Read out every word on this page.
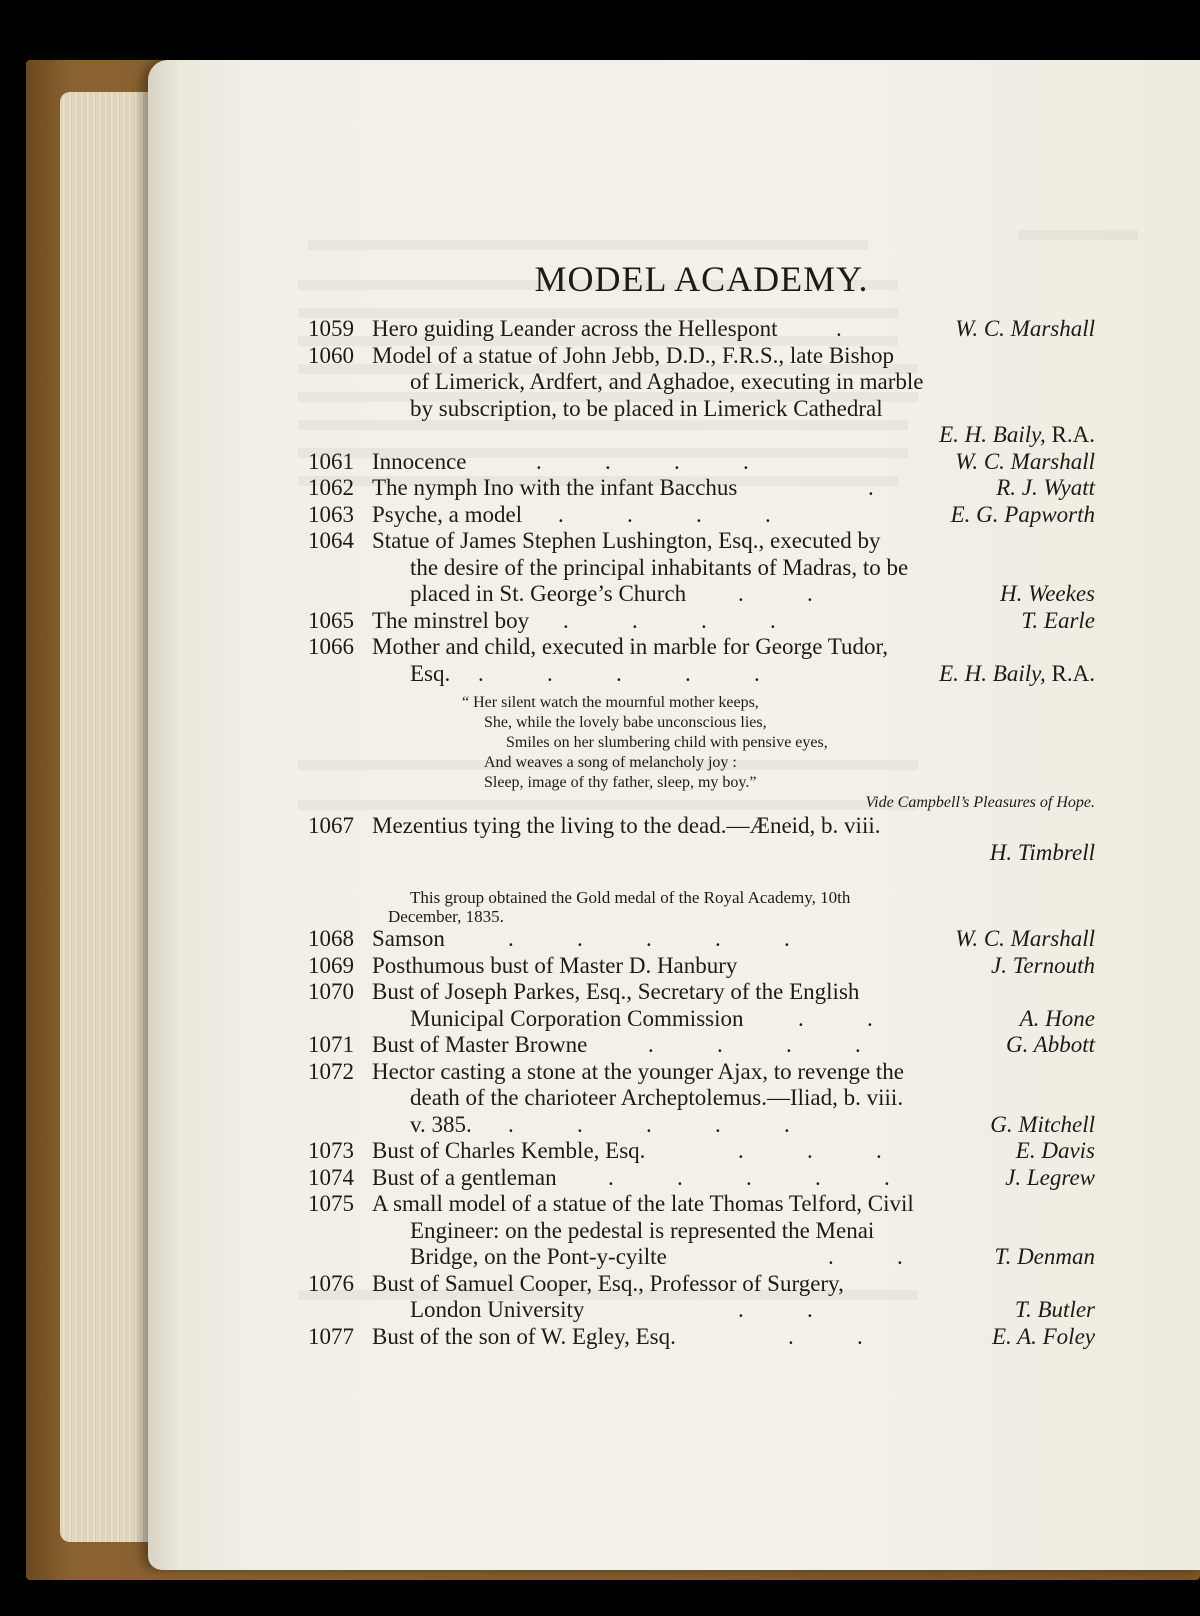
MODEL ACADEMY.
1059 Hero guiding Leander across the Hellespont	.	W. C. Marshall
1060 Model of a statue of John Jebb, D.D., F.R.S., late Bishop
of Limerick, Ardfert, and Aghadoe, executing in marble
by subscription, to be placed in Limerick Cathedral
E. H. Baily, R.A.
1061 Innocence	.           .           .           .	W. C. Marshall
1062 The nymph Ino with the infant Bacchus	.	R. J. Wyatt
1063 Psyche, a model .           .           .           .	E. G. Papworth
1064 Statue of James Stephen Lushington, Esq., executed by
the desire of the principal inhabitants of Madras, to be
placed in St. George’s Church .           .	H. Weekes
1065 The minstrel boy .           .           .           .	T. Earle
1066 Mother and child, executed in marble for George Tudor,
Esq. .           .           .           .           .	E. H. Baily, R.A.
“ Her silent watch the mournful mother keeps,
She, while the lovely babe unconscious lies,
Smiles on her slumbering child with pensive eyes,
And weaves a song of melancholy joy :
Sleep, image of thy father, sleep, my boy.”
Vide Campbell’s Pleasures of Hope.
1067 Mezentius tying the living to the dead.—Æneid, b. viii.
H. Timbrell
This group obtained the Gold medal of the Royal Academy, 10th
December, 1835.
1068 Samson	.           .           .           .           .	W. C. Marshall
1069 Posthumous bust of Master D. Hanbury	J. Ternouth
1070 Bust of Joseph Parkes, Esq., Secretary of the English
Municipal Corporation Commission .           .	A. Hone
1071 Bust of Master Browne	.           .           .           .	G. Abbott
1072 Hector casting a stone at the younger Ajax, to revenge the
death of the charioteer Archeptolemus.—Iliad, b. viii.
v. 385. .           .           .           .           .	G. Mitchell
1073 Bust of Charles Kemble, Esq.	.           .           .	E. Davis
1074 Bust of a gentleman .           .           .           .           .	J. Legrew
1075 A small model of a statue of the late Thomas Telford, Civil
Engineer: on the pedestal is represented the Menai
Bridge, on the Pont-y-cyilte	.           .	T. Denman
1076 Bust of Samuel Cooper, Esq., Professor of Surgery,
London University	.           .	T. Butler
1077 Bust of the son of W. Egley, Esq.	.           .	E. A. Foley
